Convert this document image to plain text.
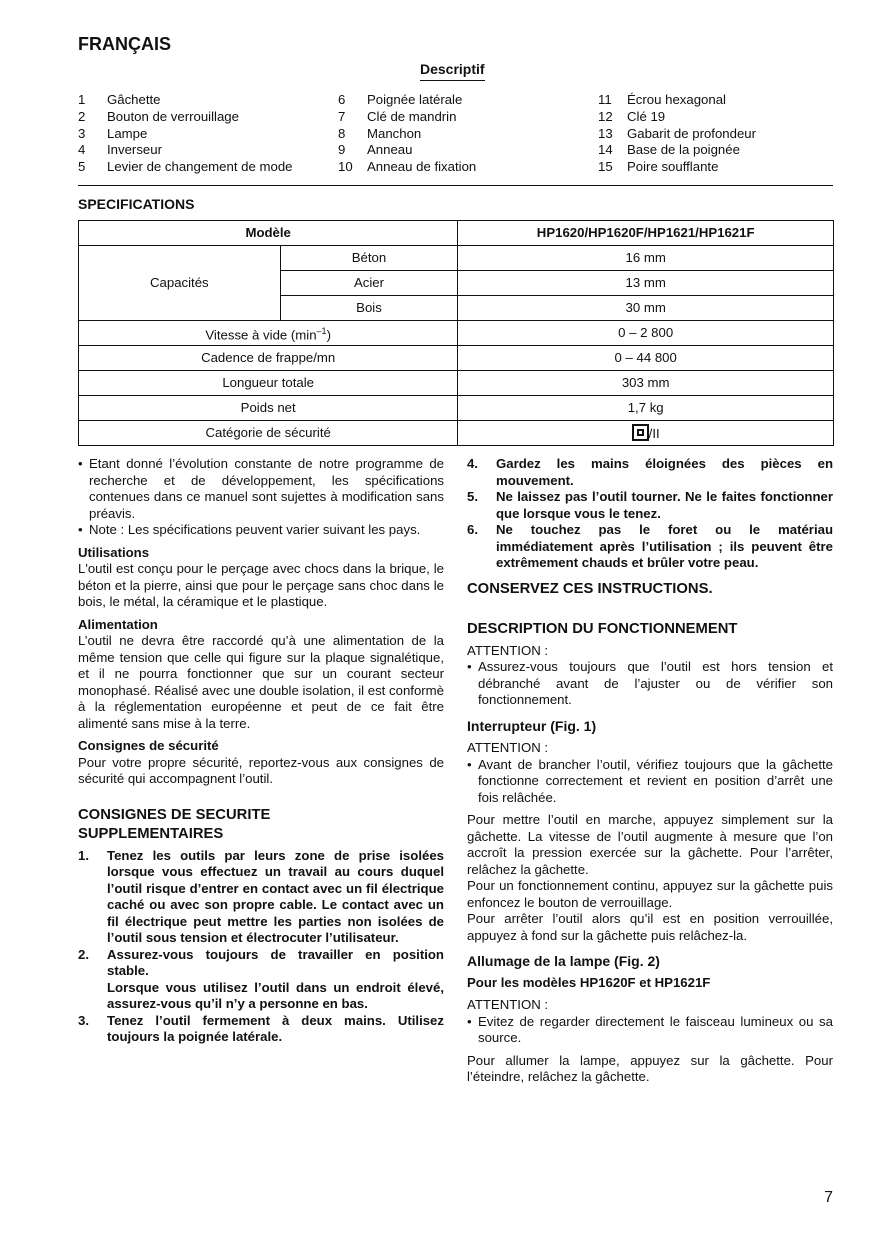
FRANÇAIS
Descriptif
1 Gâchette
2 Bouton de verrouillage
3 Lampe
4 Inverseur
5 Levier de changement de mode
6 Poignée latérale
7 Clé de mandrin
8 Manchon
9 Anneau
10 Anneau de fixation
11 Écrou hexagonal
12 Clé 19
13 Gabarit de profondeur
14 Base de la poignée
15 Poire soufflante
SPECIFICATIONS
Modèle		HP1620/HP1620F/HP1621/HP1621F
Capacités	Béton	16 mm
	Acier	13 mm
	Bois	30 mm
Vitesse à vide $(\min^{-1})$		0 – 2 800
Cadence de frappe/mn		0 – 44 800
Longueur totale		303 mm
Poids net		1,7 kg
Catégorie de sécurité		/II
• Etant donné l’évolution constante de notre programme de recherche et de développement, les spécifications contenues dans ce manuel sont sujettes à modification sans préavis.
• Note : Les spécifications peuvent varier suivant les pays.
Utilisations

L'outil est conçu pour le perçage avec chocs dans la brique, le béton et la pierre, ainsi que pour le perçage sans choc dans le bois, le métal, la céramique et le plastique.

Alimentation

L’outil ne devra être raccordé qu’à une alimentation de la même tension que celle qui figure sur la plaque signalétique, et il ne pourra fonctionner que sur un courant secteur monophasé. Réalisé avec une double isolation, il est conformè à la réglementation européenne et peut de ce fait être alimenté sans mise à la terre.

Consignes de sécurité

Pour votre propre sécurité, reportez-vous aux consignes de sécurité qui accompagnent l’outil.

CONSIGNES DE SECURITE SUPPLEMENTAIRES
1. Tenez les outils par leurs zone de prise isolées lorsque vous effectuez un travail au cours duquel l’outil risque d’entrer en contact avec un fil électrique caché ou avec son propre cable. Le contact avec un fil électrique peut mettre les parties non isolées de l’outil sous tension et électrocuter l’utilisateur.
2. Assurez-vous toujours de travailler en position stable.
Lorsque vous utilisez l’outil dans un endroit élevé, assurez-vous qu’il n’y a personne en bas.
3. Tenez l’outil fermement à deux mains. Utilisez toujours la poignée latérale.
4. Gardez les mains éloignées des pièces en mouvement.
5. Ne laissez pas l’outil tourner. Ne le faites fonctionner que lorsque vous le tenez.
6. Ne touchez pas le foret ou le matériau immédiatement après l’utilisation ; ils peuvent être extrêmement chauds et brûler votre peau.
CONSERVEZ CES INSTRUCTIONS.
DESCRIPTION DU FONCTIONNEMENT

ATTENTION :

• Assurez-vous toujours que l’outil est hors tension et débranché avant de l’ajuster ou de vérifier son fonctionnement.
Interrupteur (Fig. 1)

ATTENTION :

• Avant de brancher l’outil, vérifiez toujours que la gâchette fonctionne correctement et revient en position d’arrêt une fois relâchée.

Pour mettre l’outil en marche, appuyez simplement sur la gâchette. La vitesse de l’outil augmente à mesure que l’on accroît la pression exercée sur la gâchette. Pour l’arrêter, relâchez la gâchette.

Pour un fonctionnement continu, appuyez sur la gâchette puis enfoncez le bouton de verrouillage.

Pour arrêter l’outil alors qu’il est en position verrouillée, appuyez à fond sur la gâchette puis relâchez-la.

Allumage de la lampe (Fig. 2)
Pour les modèles HP1620F et HP1621F

ATTENTION :

• Evitez de regarder directement le faisceau lumineux ou sa source.

Pour allumer la lampe, appuyez sur la gâchette. Pour l’éteindre, relâchez la gâchette.

7
